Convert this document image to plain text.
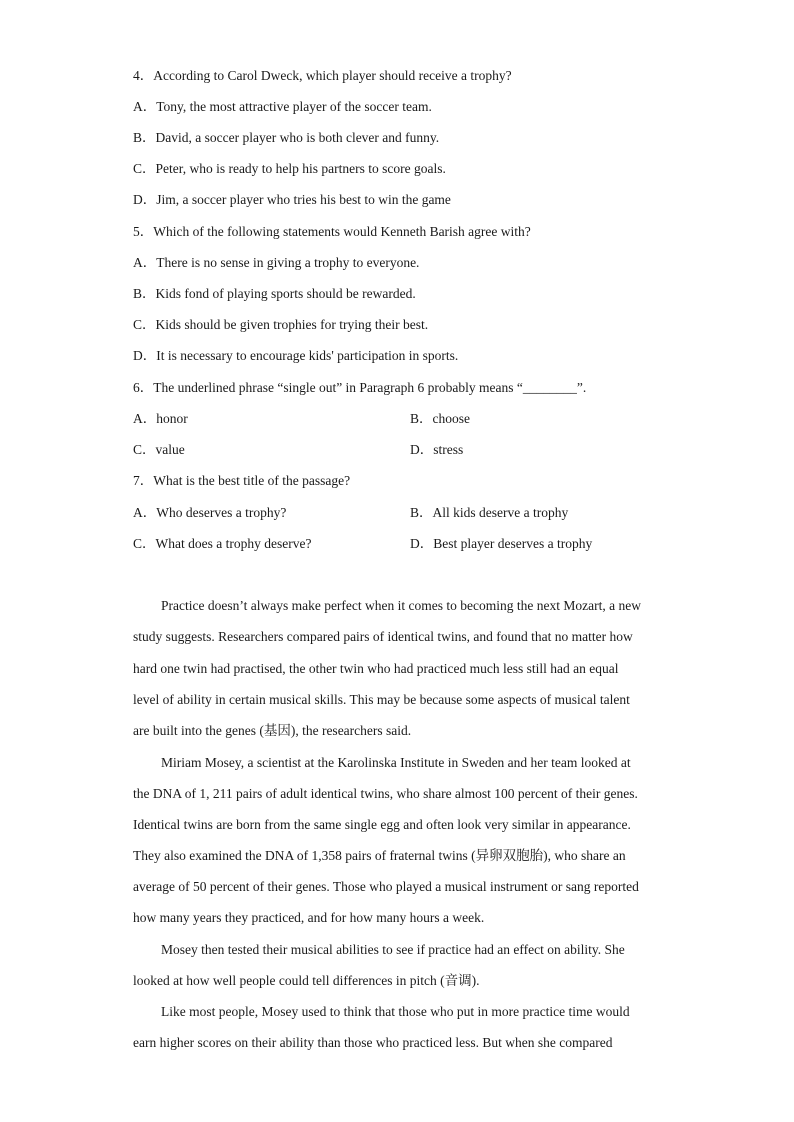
4．According to Carol Dweck, which player should receive a trophy?
A．Tony, the most attractive player of the soccer team.
B．David, a soccer player who is both clever and funny.
C．Peter, who is ready to help his partners to score goals.
D．Jim, a soccer player who tries his best to win the game
5．Which of the following statements would Kenneth Barish agree with?
A．There is no sense in giving a trophy to everyone.
B．Kids fond of playing sports should be rewarded.
C．Kids should be given trophies for trying their best.
D．It is necessary to encourage kids' participation in sports.
6．The underlined phrase “single out” in Paragraph 6 probably means “________”.
A．honor	B．choose
C．value	D．stress
7．What is the best title of the passage?
A．Who deserves a trophy?	B．All kids deserve a trophy
C．What does a trophy deserve?	D．Best player deserves a trophy
Practice doesn’t always make perfect when it comes to becoming the next Mozart, a new
study suggests. Researchers compared pairs of identical twins, and found that no matter how
hard one twin had practised, the other twin who had practiced much less still had an equal
level of ability in certain musical skills. This may be because some aspects of musical talent
are built into the genes (基因), the researchers said.
Miriam Mosey, a scientist at the Karolinska Institute in Sweden and her team looked at
the DNA of 1, 211 pairs of adult identical twins, who share almost 100 percent of their genes.
Identical twins are born from the same single egg and often look very similar in appearance.
They also examined the DNA of 1,358 pairs of fraternal twins (异卵双胞胎), who share an
average of 50 percent of their genes. Those who played a musical instrument or sang reported
how many years they practiced, and for how many hours a week.
Mosey then tested their musical abilities to see if practice had an effect on ability. She
looked at how well people could tell differences in pitch (音调).
Like most people, Mosey used to think that those who put in more practice time would
earn higher scores on their ability than those who practiced less. But when she compared
